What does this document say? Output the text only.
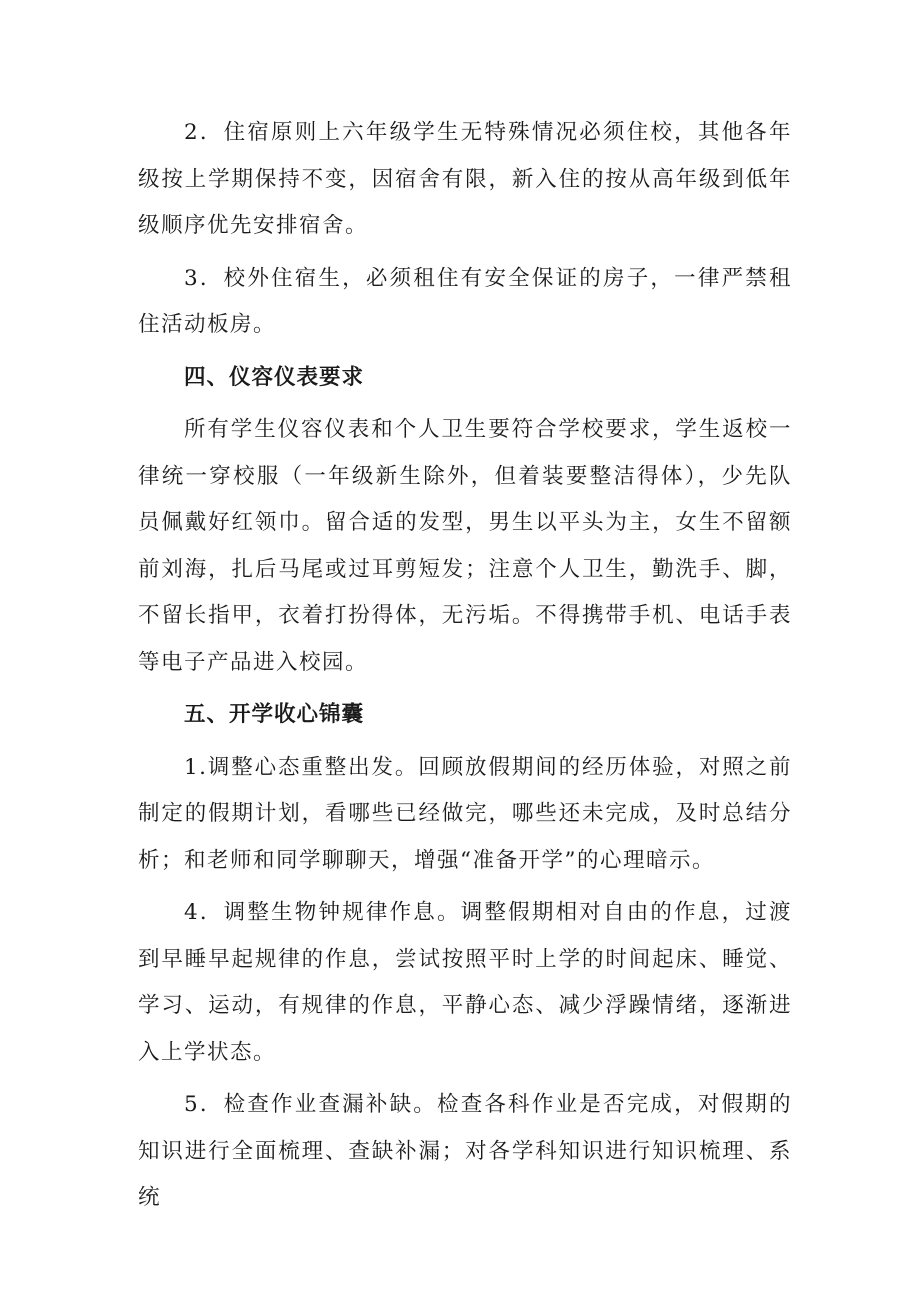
2．住宿原则上六年级学生无特殊情况必须住校，其他各年级按上学期保持不变，因宿舍有限，新入住的按从高年级到低年级顺序优先安排宿舍。

3．校外住宿生，必须租住有安全保证的房子，一律严禁租住活动板房。

四、仪容仪表要求

所有学生仪容仪表和个人卫生要符合学校要求，学生返校一律统一穿校服（一年级新生除外，但着装要整洁得体），少先队员佩戴好红领巾。留合适的发型，男生以平头为主，女生不留额前刘海，扎后马尾或过耳剪短发；注意个人卫生，勤洗手、脚，不留长指甲，衣着打扮得体，无污垢。不得携带手机、电话手表等电子产品进入校园。

五、开学收心锦囊

1.调整心态重整出发。回顾放假期间的经历体验，对照之前制定的假期计划，看哪些已经做完，哪些还未完成，及时总结分析；和老师和同学聊聊天，增强“准备开学”的心理暗示。

4．调整生物钟规律作息。调整假期相对自由的作息，过渡到早睡早起规律的作息，尝试按照平时上学的时间起床、睡觉、学习、运动，有规律的作息，平静心态、减少浮躁情绪，逐渐进入上学状态。

5．检查作业查漏补缺。检查各科作业是否完成，对假期的知识进行全面梳理、查缺补漏；对各学科知识进行知识梳理、系统
